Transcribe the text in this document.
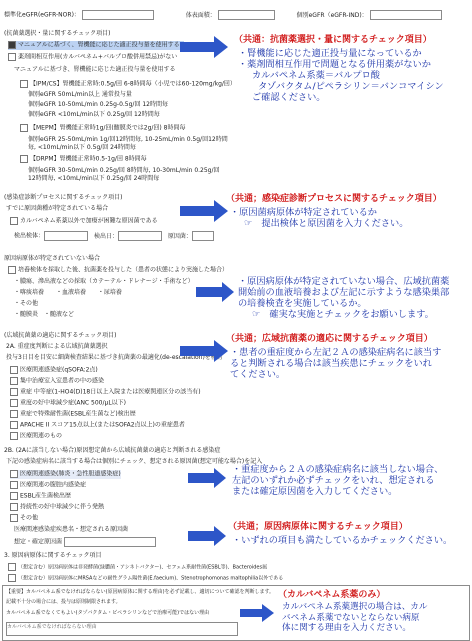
標準化eGFR(eGFR-NOR)：	体表面積：	個別eGFR（eGFR-IND)：
(抗菌薬選択・量に関するチェック項目)
マニュアルに基づく、腎機能に応じた適正投与量を使用する
薬剤間相互作用(カルバペネム+バルプロ酸併用禁忌)がない
マニュアルに基づき、腎機能に応じた適正投与量を使用する
【IPM/CS】腎機能正常時:0.5g/回 6-8時間毎（小児では60-120mg/kg/回）
個別eGFR 50mL/min以上 通常投与量
個別eGFR 10-50mL/min 0.25g-0.5g/回 12時間毎
個別eGFR <10mL/min以下 0.25g/回 12時間毎
【MEPM】腎機能正常時1g/回(髄膜炎では2g/回) 8時間毎
個別eGFR 25-50mL/min 1g/回12時間毎, 10-25mL/min 0.5g/回12時間毎, <10mL/min以下 0.5g/回 24時間毎
【DRPM】腎機能正常時0.5-1g/回 8時間毎
個別eGFR 30-50mL/min 0.25g/回 8時間毎, 10-30mL/min 0.25g/回 12時間毎, <10mL/min以下 0.25g/回 24時間毎
（共通：抗菌薬選択・量に関するチェック項目）
・腎機能に応じた適正投与量になっているか
・薬剤間相互作用で問題となる併用薬がないか
カルバペネム系薬＝バルプロ酸
タゾバクタム/ピペラシリン＝バンコマイシン
ご確認ください。
(感染症診断プロセスに関するチェック項目)
すでに原因菌種が特定されている場合
カルバペネム系薬以外で加療が困難な原因菌である
検出検体：	検出日：	原因菌：
（共通；感染症診断プロセスに関するチェック項目）
・原因菌病原体が特定されているか
☞　提出検体と原因菌を入力ください。
原因病原体が特定されていない場合
培養検体を採取した後、抗菌薬を投与した（患者の状態により実施した場合）
・膿瘍、滲出液などの採取（カテーテル・ドレナージ・手術など）
・喀痰培養 ・血液培養 ・尿培養
・その他
・髄膜炎　・髄液など
・原因病原体が特定されていない場合、広域抗菌薬
開始前の血液培養および左記に示すような感染巣部
の培養検査を実施しているか。
☞　確実な実施とチェックをお願いします。
(広域抗菌薬の適応に関するチェック項目)
2A. 重症度判断による広域抗菌薬選択
投与3日目を目安に細菌検査結果に基づき抗菌薬の最適化(de-escalation)を検討
医療関連感染症(qSOFA:2点)
集中治療室入室患者の中の感染
重症 中等症(1-HO4(D)18日以上入院または医療関連区分の該当有)
重度の好中球減少症(ANC 500/μL以下)
重症で特殊耐性菌(ESBL産生菌など)検出歴
APACHE II スコア15点以上(またはSOFA2点以上)の重症患者
医療関連のもの
（共通；広域抗菌薬の適応に関するチェック項目）
・患者の重症度から左記２Ａの感染症病名に該当す
ると判断される場合は該当疾患にチェックをいれ
てください。
2B. (2Aに該当しない場合)原因想定菌から広域抗菌薬の適応と判断される感染症
下記の感染症病名に該当する場合は個別にチェック、想定される原因菌(想定可能な場合)を記入
医療関連感染(肺炎・急性胆道感染症)
医療関連の腹腔内感染症
ESBL産生菌検出歴
持続性の好中球減少に伴う発熱
その他
医療関連感染症疾患名・想定される原因菌
想定・確定原因菌
・重症度から２Ａの感染症病名に該当しない場合、
左記のいずれか必ずチェックをいれ、想定される
または確定原因菌を入力してください。
3. 原因病原体に関するチェック項目
（想定含む）原因病原体は非発酵菌(緑膿菌・アシネトバクター)、セフェム系耐性菌(ESBL等)、Bacteroides属
（想定含む）原因病原体にMRSAなどの耐性グラム陽性菌(E.faecium)、Stenotrophomonas maltophilia以外である
（共通；原因病原体に関するチェック項目）
・いずれの項目も満たしているかチェックください。
【重要】カルバペネム系でなければならない(原因病原体に関する理由)を必ず記載し、適切について確認を判断します。
記載不十分の場合には、投与は原則制限されます。
カルバペネム系でなくてもよい(タゾバクタム・ピペラシリンなどで治療可能)ではない理由
カルバペネム系でなければならない理由
（カルバペネム系薬のみ）
カルバペネム系薬選択の場合は、カル
バペネム系薬でないとならない病原
体に関する理由を入力ください。
